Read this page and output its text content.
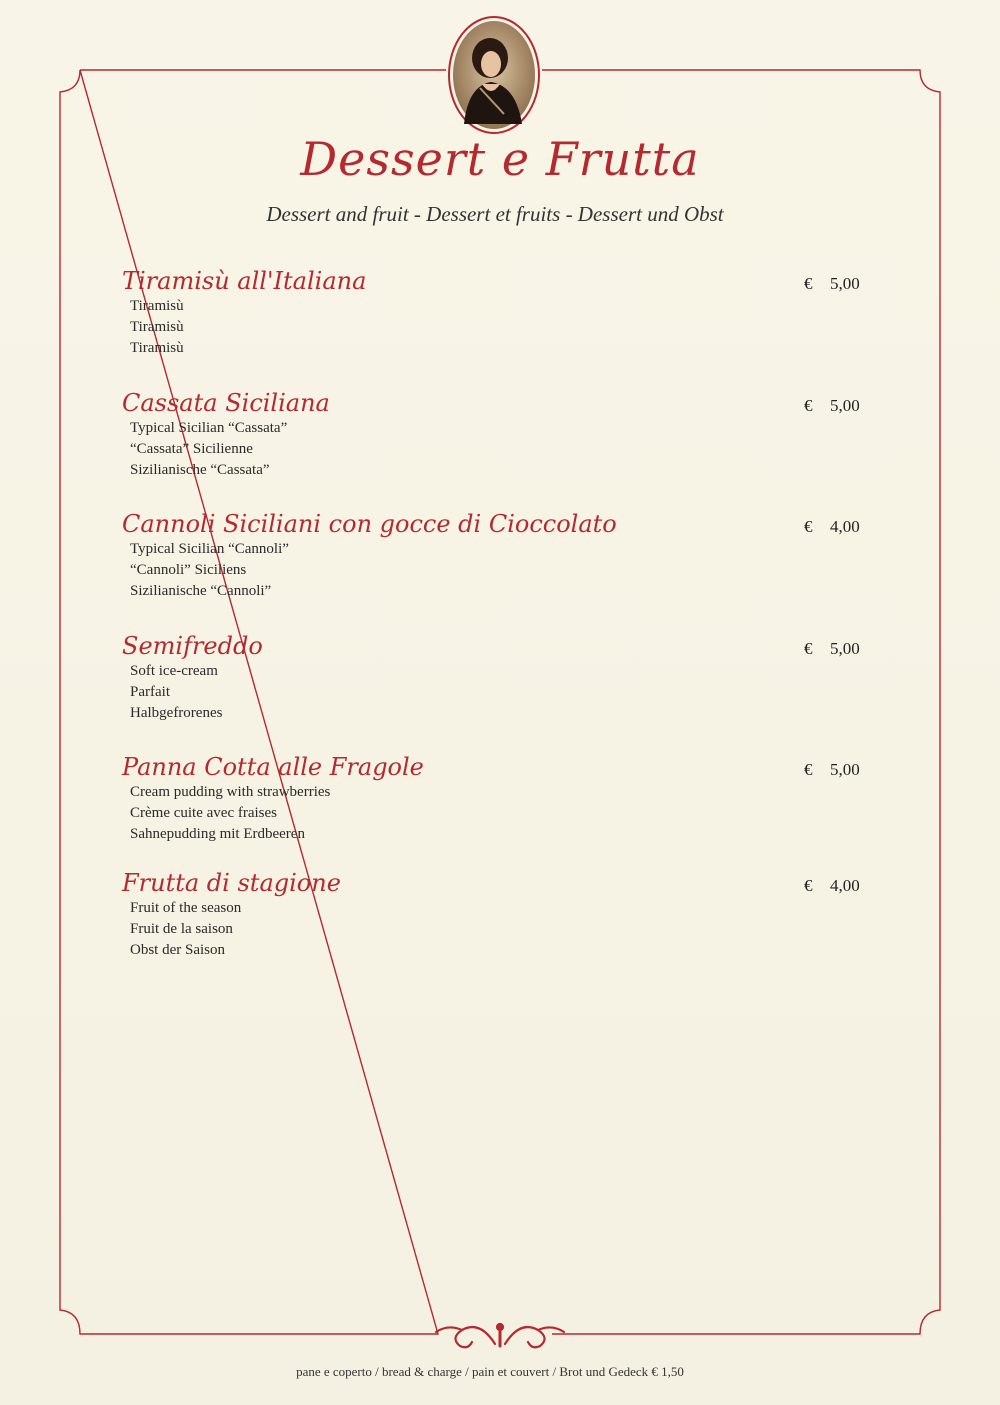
Dessert e Frutta
Dessert and fruit - Dessert et fruits - Dessert und Obst
Tiramisù all'Italiana
Tiramisù
Tiramisù
Tiramisù
€ 5,00
Cassata Siciliana
Typical Sicilian “Cassata”
“Cassata” Sicilienne
Sizilianische “Cassata”
€ 5,00
Cannoli Siciliani con gocce di Cioccolato
Typical Sicilian “Cannoli”
“Cannoli” Siciliens
Sizilianische “Cannoli”
€ 4,00
Semifreddo
Soft ice-cream
Parfait
Halbgefrorenes
€ 5,00
Panna Cotta alle Fragole
Cream pudding with strawberries
Crème cuite avec fraises
Sahnepudding mit Erdbeeren
€ 5,00
Frutta di stagione
Fruit of the season
Fruit de la saison
Obst der Saison
€ 4,00
pane e coperto / bread & charge / pain et couvert / Brot und Gedeck € 1,50
